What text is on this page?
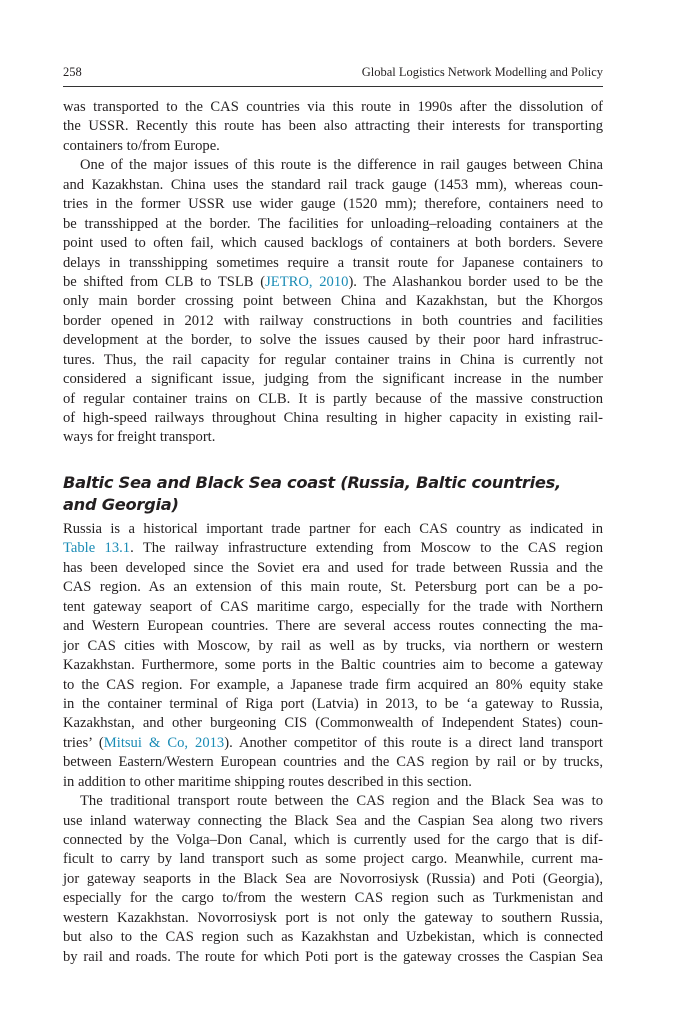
258	Global Logistics Network Modelling and Policy
was transported to the CAS countries via this route in 1990s after the dissolution of
the USSR. Recently this route has been also attracting their interests for transporting
containers to/from Europe.
One of the major issues of this route is the difference in rail gauges between China
and Kazakhstan. China uses the standard rail track gauge (1453 mm), whereas coun-
tries in the former USSR use wider gauge (1520 mm); therefore, containers need to
be transshipped at the border. The facilities for unloading–reloading containers at the
point used to often fail, which caused backlogs of containers at both borders. Severe
delays in transshipping sometimes require a transit route for Japanese containers to
be shifted from CLB to TSLB (JETRO, 2010). The Alashankou border used to be the
only main border crossing point between China and Kazakhstan, but the Khorgos
border opened in 2012 with railway constructions in both countries and facilities
development at the border, to solve the issues caused by their poor hard infrastruc-
tures. Thus, the rail capacity for regular container trains in China is currently not
considered a significant issue, judging from the significant increase in the number
of regular container trains on CLB. It is partly because of the massive construction
of high-speed railways throughout China resulting in higher capacity in existing rail-
ways for freight transport.
Baltic Sea and Black Sea coast (Russia, Baltic countries,
and Georgia)
Russia is a historical important trade partner for each CAS country as indicated in
Table 13.1. The railway infrastructure extending from Moscow to the CAS region
has been developed since the Soviet era and used for trade between Russia and the
CAS region. As an extension of this main route, St. Petersburg port can be a po-
tent gateway seaport of CAS maritime cargo, especially for the trade with Northern
and Western European countries. There are several access routes connecting the ma-
jor CAS cities with Moscow, by rail as well as by trucks, via northern or western
Kazakhstan. Furthermore, some ports in the Baltic countries aim to become a gateway
to the CAS region. For example, a Japanese trade firm acquired an 80% equity stake
in the container terminal of Riga port (Latvia) in 2013, to be ‘a gateway to Russia,
Kazakhstan, and other burgeoning CIS (Commonwealth of Independent States) coun-
tries’ (Mitsui & Co, 2013). Another competitor of this route is a direct land transport
between Eastern/Western European countries and the CAS region by rail or by trucks,
in addition to other maritime shipping routes described in this section.
The traditional transport route between the CAS region and the Black Sea was to
use inland waterway connecting the Black Sea and the Caspian Sea along two rivers
connected by the Volga–Don Canal, which is currently used for the cargo that is dif-
ficult to carry by land transport such as some project cargo. Meanwhile, current ma-
jor gateway seaports in the Black Sea are Novorrosiysk (Russia) and Poti (Georgia),
especially for the cargo to/from the western CAS region such as Turkmenistan and
western Kazakhstan. Novorrosiysk port is not only the gateway to southern Russia,
but also to the CAS region such as Kazakhstan and Uzbekistan, which is connected
by rail and roads. The route for which Poti port is the gateway crosses the Caspian Sea
